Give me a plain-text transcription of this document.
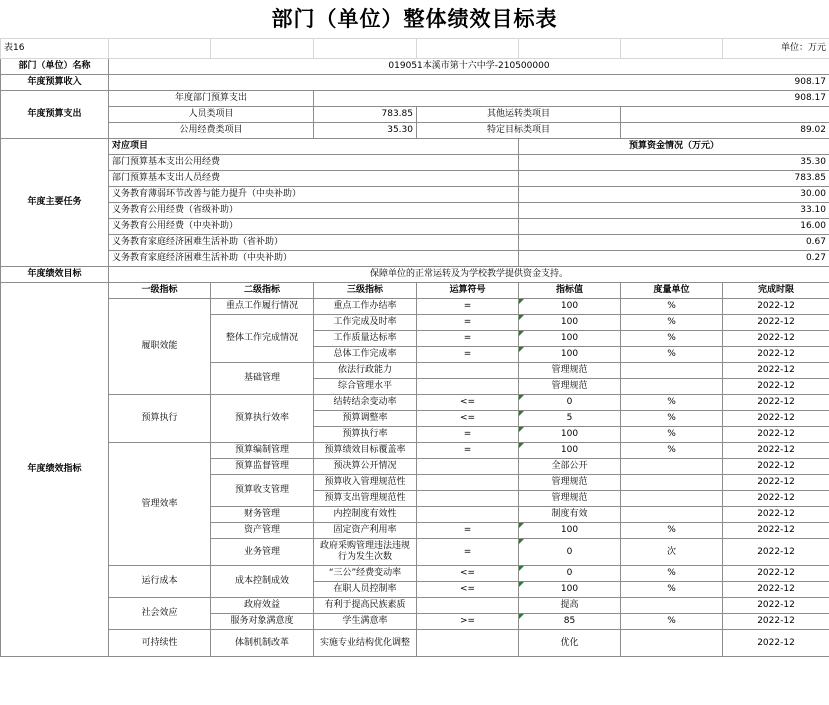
部门（单位）整体绩效目标表
表16							单位：万元
部门（单位）名称	019051本溪市第十六中学-210500000						
年度预算收入	908.17						
年度预算支出	年度部门预算支出		908.17				
	人员类项目		783.85	其他运转类项目			
	公用经费类项目		35.30	特定目标类项目		89.02	
年度主要任务	对应项目				预算资金情况（万元）		
	部门预算基本支出公用经费				35.30		
	部门预算基本支出人员经费				783.85		
	义务教育薄弱环节改善与能力提升（中央补助）				30.00		
	义务教育公用经费（省级补助）				33.10		
	义务教育公用经费（中央补助）				16.00		
	义务教育家庭经济困难生活补助（省补助）				0.67		
	义务教育家庭经济困难生活补助（中央补助）				0.27		
年度绩效目标	保障单位的正常运转及为学校教学提供资金支持。						
年度绩效指标	一级指标	二级指标	三级指标	运算符号	指标值	度量单位	完成时限
	履职效能	重点工作履行情况	重点工作办结率	=	100	%	2022-12
		整体工作完成情况	工作完成及时率	=	100	%	2022-12
			工作质量达标率	=	100	%	2022-12
			总体工作完成率	=	100	%	2022-12
		基础管理	依法行政能力		管理规范		2022-12
			综合管理水平		管理规范		2022-12
	预算执行	预算执行效率	结转结余变动率	<=	0	%	2022-12
			预算调整率	<=	5	%	2022-12
			预算执行率	=	100	%	2022-12
	管理效率	预算编制管理	预算绩效目标覆盖率	=	100	%	2022-12
		预算监督管理	预决算公开情况		全部公开		2022-12
		预算收支管理	预算收入管理规范性		管理规范		2022-12
			预算支出管理规范性		管理规范		2022-12
		财务管理	内控制度有效性		制度有效		2022-12
		资产管理	固定资产利用率	=	100	%	2022-12
		业务管理	政府采购管理违法违规行为发生次数	=	0	次	2022-12
	运行成本	成本控制成效	“三公”经费变动率	<=	0	%	2022-12
			在职人员控制率	<=	100	%	2022-12
	社会效应	政府效益	有利于提高民族素质		提高		2022-12
		服务对象满意度	学生满意率	>=	85	%	2022-12
	可持续性	体制机制改革	实施专业结构优化调整		优化		2022-12
